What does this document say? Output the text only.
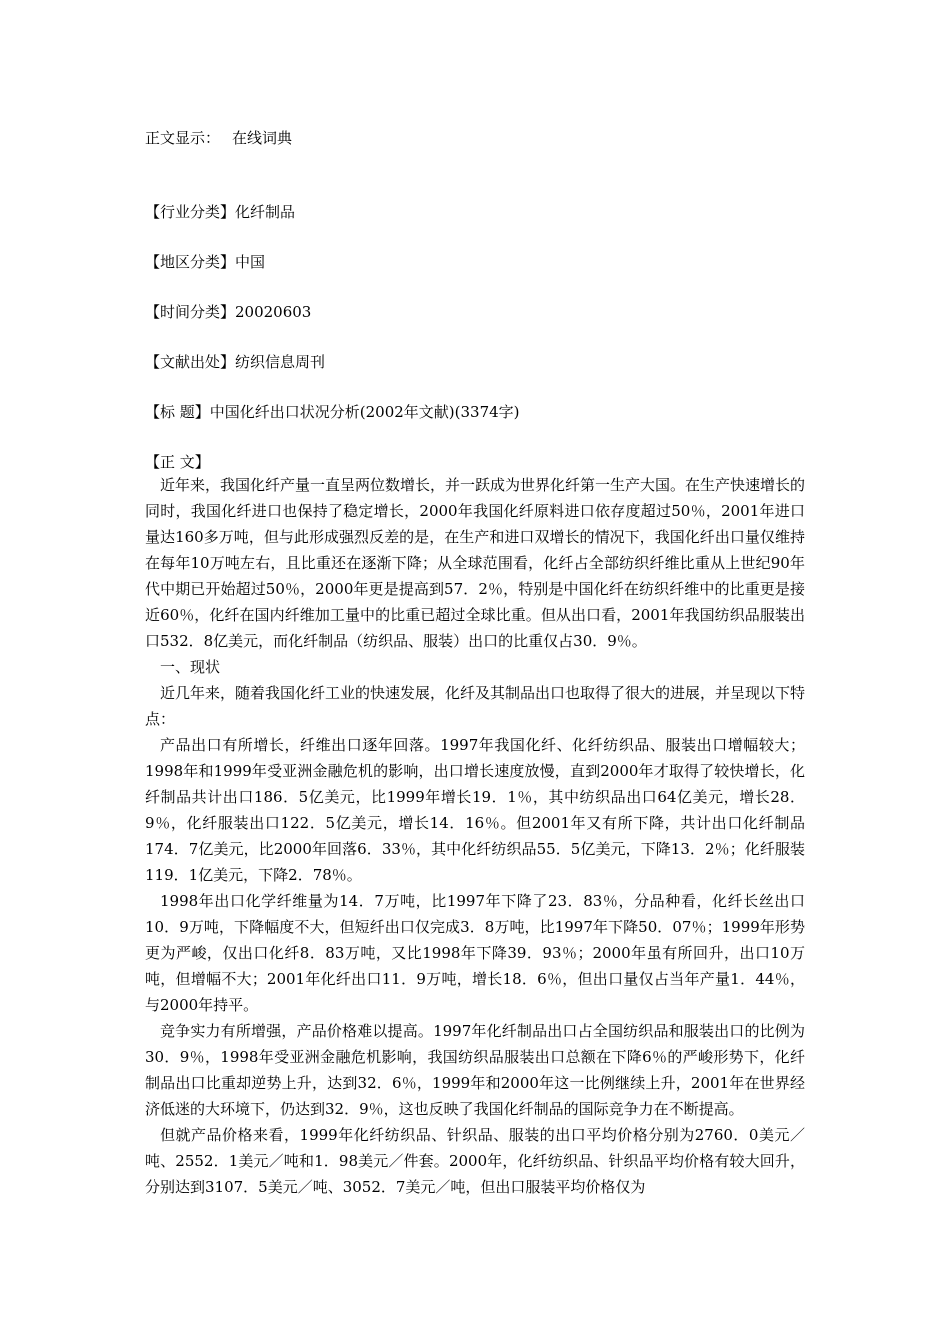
正文显示： 在线词典
【行业分类】化纤制品
【地区分类】中国
【时间分类】20020603
【文献出处】纺织信息周刊
【标 题】中国化纤出口状况分析(2002年文献)(3374字)
【正 文】

近年来，我国化纤产量一直呈两位数增长，并一跃成为世界化纤第一生产大国。在生产快速增长的同时，我国化纤进口也保持了稳定增长，2000年我国化纤原料进口依存度超过50％，2001年进口量达160多万吨，但与此形成强烈反差的是，在生产和进口双增长的情况下，我国化纤出口量仅维持在每年10万吨左右，且比重还在逐渐下降；从全球范围看，化纤占全部纺织纤维比重从上世纪90年代中期已开始超过50％，2000年更是提高到57．2％，特别是中国化纤在纺织纤维中的比重更是接近60％，化纤在国内纤维加工量中的比重已超过全球比重。但从出口看，2001年我国纺织品服装出口532．8亿美元，而化纤制品（纺织品、服装）出口的比重仅占30．9％。

一、现状

近几年来，随着我国化纤工业的快速发展，化纤及其制品出口也取得了很大的进展，并呈现以下特点：

产品出口有所增长，纤维出口逐年回落。1997年我国化纤、化纤纺织品、服装出口增幅较大；1998年和1999年受亚洲金融危机的影响，出口增长速度放慢，直到2000年才取得了较快增长，化纤制品共计出口186．5亿美元，比1999年增长19．1％，其中纺织品出口64亿美元，增长28．9％，化纤服装出口122．5亿美元，增长14．16％。但2001年又有所下降，共计出口化纤制品174．7亿美元，比2000年回落6．33％，其中化纤纺织品55．5亿美元，下降13．2％；化纤服装119．1亿美元，下降2．78％。

1998年出口化学纤维量为14．7万吨，比1997年下降了23．83％，分品种看，化纤长丝出口10．9万吨，下降幅度不大，但短纤出口仅完成3．8万吨，比1997年下降50．07％；1999年形势更为严峻，仅出口化纤8．83万吨，又比1998年下降39．93％；2000年虽有所回升，出口10万吨，但增幅不大；2001年化纤出口11．9万吨，增长18．6％，但出口量仅占当年产量1．44％，与2000年持平。

竞争实力有所增强，产品价格难以提高。1997年化纤制品出口占全国纺织品和服装出口的比例为30．9％，1998年受亚洲金融危机影响，我国纺织品服装出口总额在下降6％的严峻形势下，化纤制品出口比重却逆势上升，达到32．6％，1999年和2000年这一比例继续上升，2001年在世界经济低迷的大环境下，仍达到32．9％，这也反映了我国化纤制品的国际竞争力在不断提高。

但就产品价格来看，1999年化纤纺织品、针织品、服装的出口平均价格分别为2760．0美元／吨、2552．1美元／吨和1．98美元／件套。2000年，化纤纺织品、针织品平均价格有较大回升，分别达到3107．5美元／吨、3052．7美元／吨，但出口服装平均价格仅为
